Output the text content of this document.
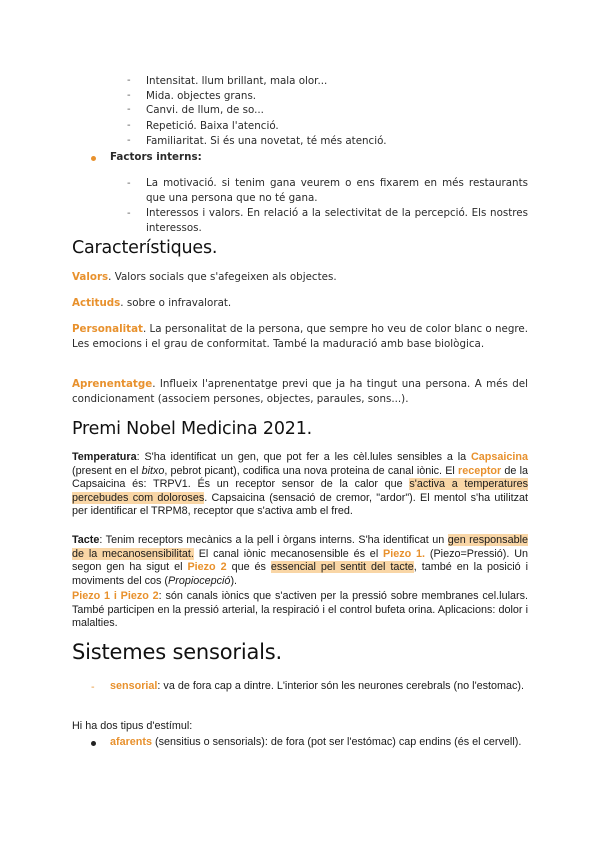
- Intensitat. llum brillant, mala olor...
- Mida. objectes grans.
- Canvi. de llum, de so...
- Repetició. Baixa l'atenció.
- Familiaritat. Si és una novetat, té més atenció.
Factors interns:
- La motivació. si tenim gana veurem o ens fixarem en més restaurants que una persona que no té gana.
- Interessos i valors. En relació a la selectivitat de la percepció. Els nostres interessos.
Característiques.
Valors. Valors socials que s'afegeixen als objectes.
Actituds. sobre o infravalorat.
Personalitat. La personalitat de la persona, que sempre ho veu de color blanc o negre. Les emocions i el grau de conformitat. També la maduració amb base biològica.
Aprenentatge. Influeix l'aprenentatge previ que ja ha tingut una persona. A més del condicionament (associem persones, objectes, paraules, sons...).
Premi Nobel Medicina 2021.
Temperatura: S'ha identificat un gen, que pot fer a les cèl.lules sensibles a la Capsaicina (present en el bitxo, pebrot picant), codifica una nova proteina de canal iònic. El receptor de la Capsaicina és: TRPV1. És un receptor sensor de la calor que s'activa a temperatures percebudes com doloroses. Capsaicina (sensació de cremor, "ardor"). El mentol s'ha utilitzat per identificar el TRPM8, receptor que s'activa amb el fred.
Tacte: Tenim receptors mecànics a la pell i òrgans interns. S'ha identificat un gen responsable de la mecanosensibilitat. El canal iònic mecanosensible és el Piezo 1. (Piezo=Pressió). Un segon gen ha sigut el Piezo 2 que és essencial pel sentit del tacte, també en la posició i moviments del cos (Propiocepció).
Piezo 1 i Piezo 2: són canals iònics que s'activen per la pressió sobre membranes cel.lulars. També participen en la pressió arterial, la respiració i el control bufeta orina. Aplicacions: dolor i malalties.
Sistemes sensorials.
- sensorial: va de fora cap a dintre. L'interior són les neurones cerebrals (no l'estomac).
Hi ha dos tipus d'estímul:
afarents (sensitius o sensorials): de fora (pot ser l'estómac) cap endins (és el cervell).
